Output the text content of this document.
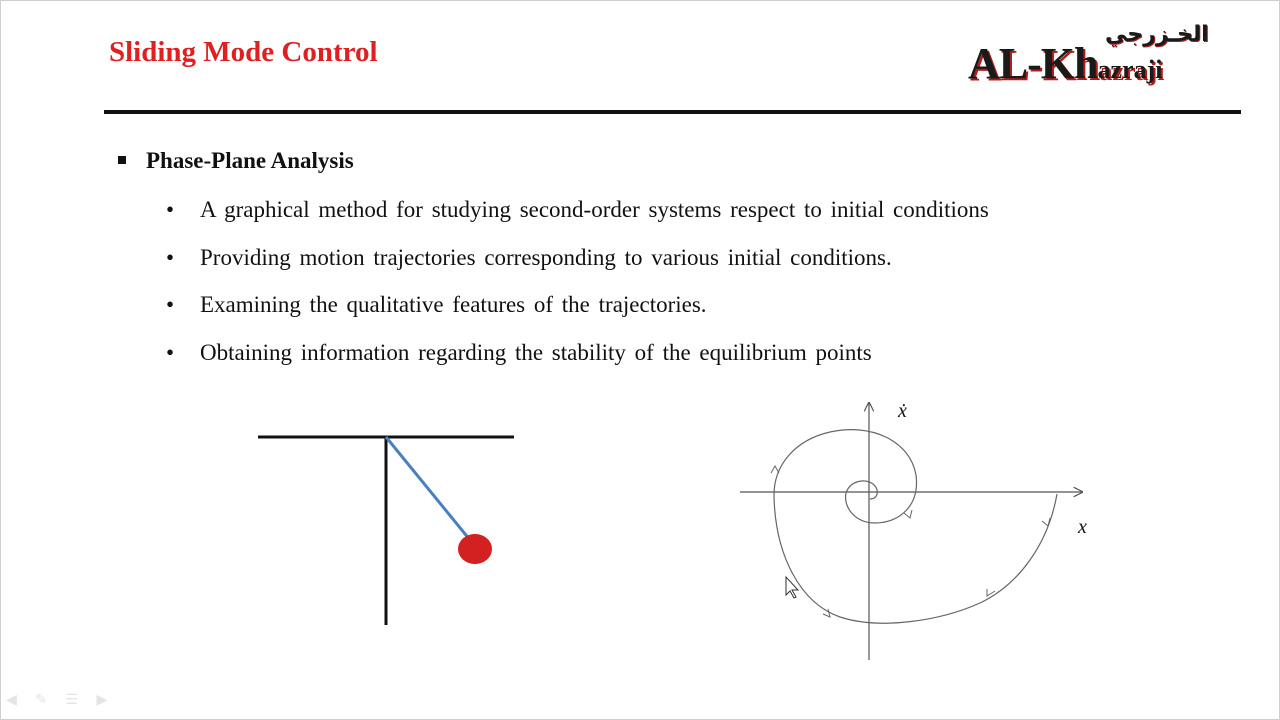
Sliding Mode Control
الخـزرجي
AL-Khazraji
Phase-Plane Analysis
• A graphical method for studying second-order systems respect to initial conditions
• Providing motion trajectories corresponding to various initial conditions.
• Examining the qualitative features of the trajectories.
• Obtaining information regarding the stability of the equilibrium points
ẋ
x
◀ ✎ ☰ ▶
